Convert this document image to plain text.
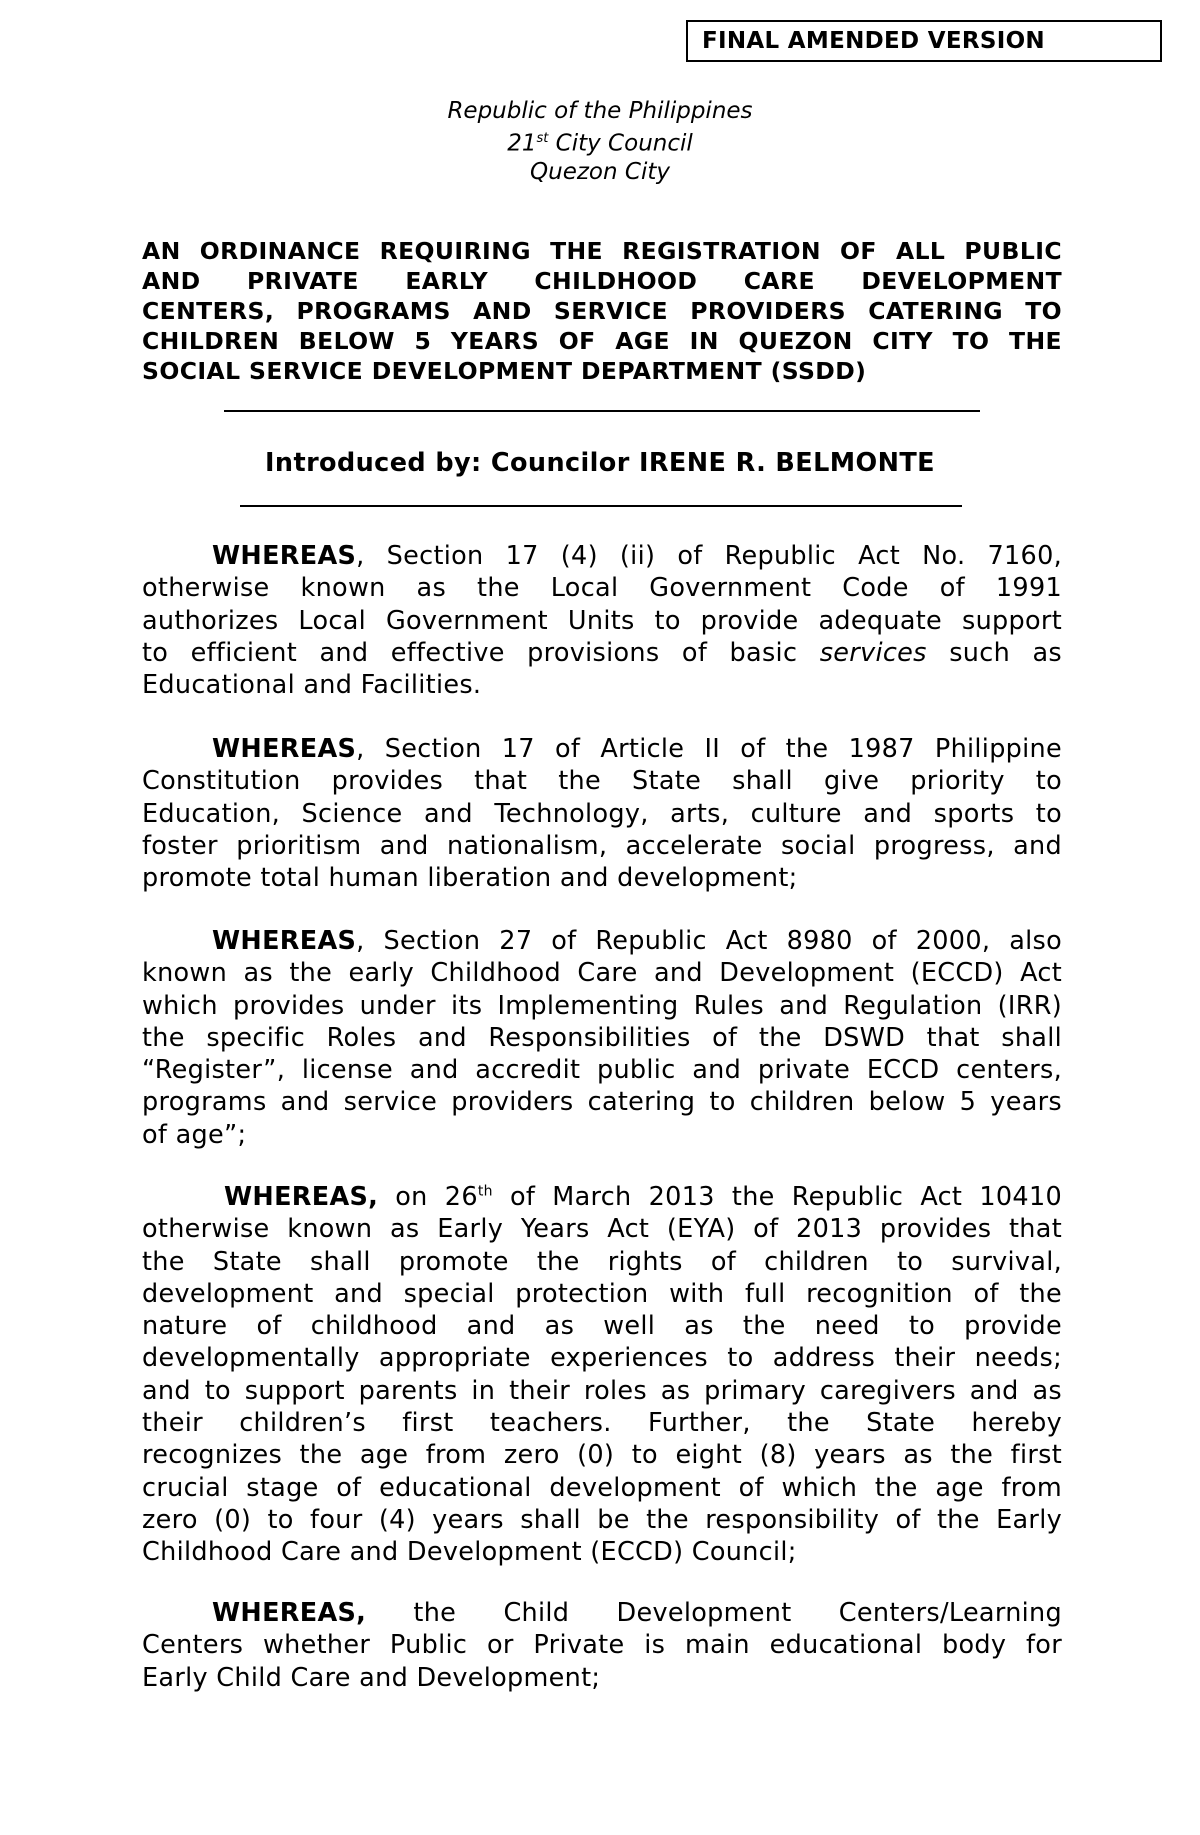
FINAL AMENDED VERSION
Republic of the Philippines
21st City Council
Quezon City
AN ORDINANCE REQUIRING THE REGISTRATION OF ALL PUBLIC
AND PRIVATE EARLY CHILDHOOD CARE DEVELOPMENT
CENTERS, PROGRAMS AND SERVICE PROVIDERS CATERING TO
CHILDREN BELOW 5 YEARS OF AGE IN QUEZON CITY TO THE
SOCIAL SERVICE DEVELOPMENT DEPARTMENT (SSDD)
Introduced by: Councilor IRENE R. BELMONTE
WHEREAS, Section 17 (4) (ii) of Republic Act No. 7160,
otherwise known as the Local Government Code of 1991
authorizes Local Government Units to provide adequate support
to efficient and effective provisions of basic services such as
Educational and Facilities.
WHEREAS, Section 17 of Article II of the 1987 Philippine
Constitution provides that the State shall give priority to
Education, Science and Technology, arts, culture and sports to
foster prioritism and nationalism, accelerate social progress, and
promote total human liberation and development;
WHEREAS, Section 27 of Republic Act 8980 of 2000, also
known as the early Childhood Care and Development (ECCD) Act
which provides under its Implementing Rules and Regulation (IRR)
the specific Roles and Responsibilities of the DSWD that shall
“Register”, license and accredit public and private ECCD centers,
programs and service providers catering to children below 5 years
of age”;
WHEREAS, on 26th of March 2013 the Republic Act 10410
otherwise known as Early Years Act (EYA) of 2013 provides that
the State shall promote the rights of children to survival,
development and special protection with full recognition of the
nature of childhood and as well as the need to provide
developmentally appropriate experiences to address their needs;
and to support parents in their roles as primary caregivers and as
their children’s first teachers. Further, the State hereby
recognizes the age from zero (0) to eight (8) years as the first
crucial stage of educational development of which the age from
zero (0) to four (4) years shall be the responsibility of the Early
Childhood Care and Development (ECCD) Council;
WHEREAS, the Child Development Centers/Learning
Centers whether Public or Private is main educational body for
Early Child Care and Development;
